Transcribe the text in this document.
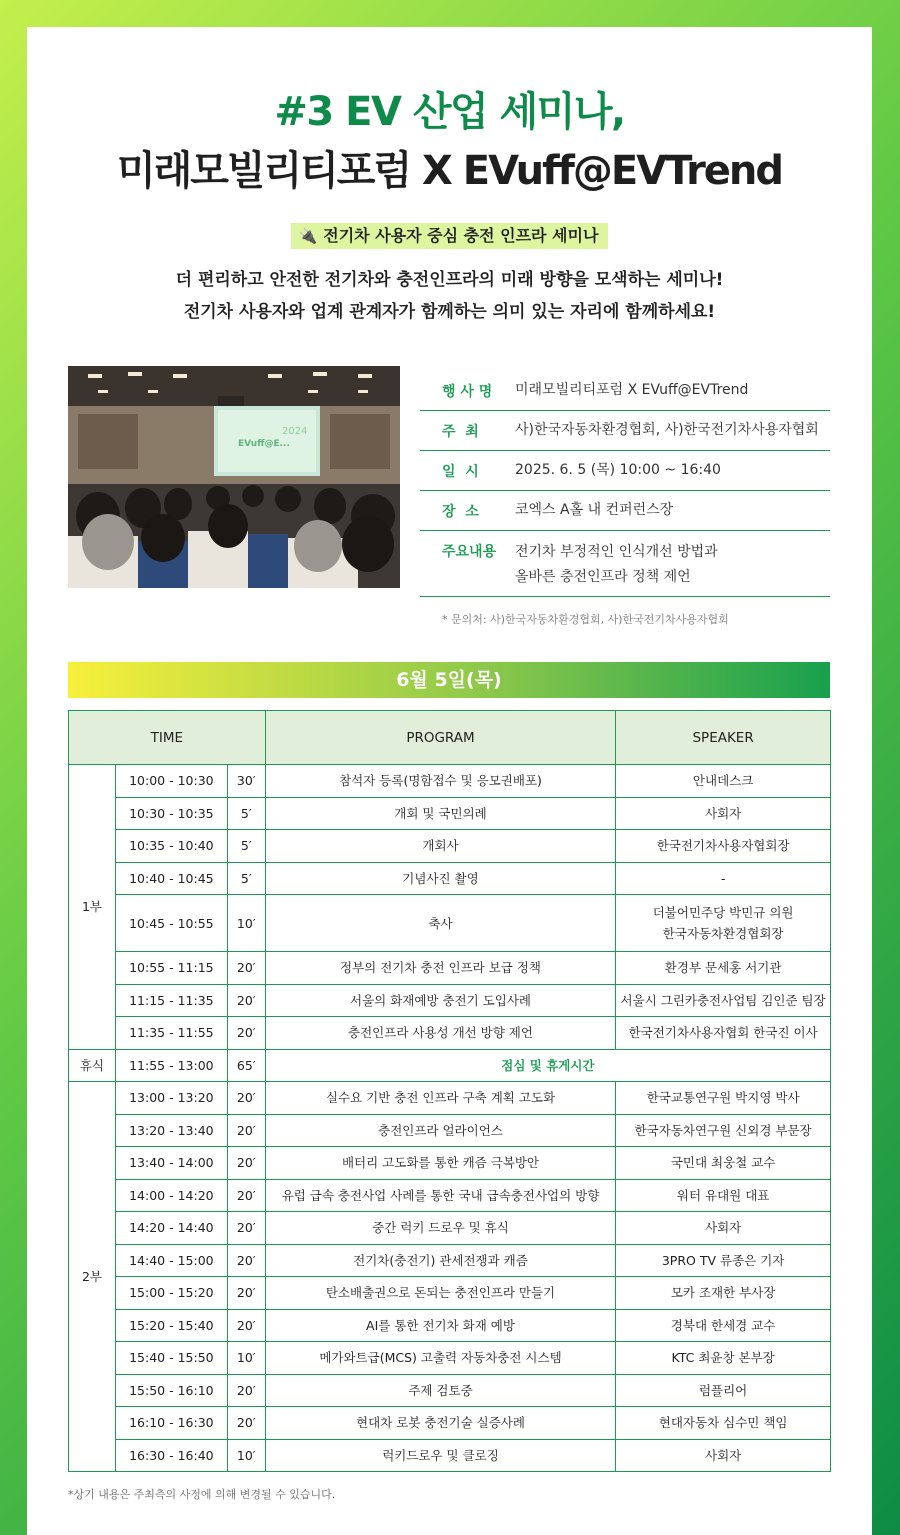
#3 EV 산업 세미나,
미래모빌리티포럼 X EVuff@EVTrend
🔌 전기차 사용자 중심 충전 인프라 세미나
더 편리하고 안전한 전기차와 충전인프라의 미래 방향을 모색하는 세미나!
전기차 사용자와 업계 관계자가 함께하는 의미 있는 자리에 함께하세요!
2024
EVuff@E...
행 사 명	미래모빌리티포럼 X EVuff@EVTrend
주  최	사)한국자동차환경협회, 사)한국전기차사용자협회
일  시	2025. 6. 5 (목) 10:00 ~ 16:40
장  소	코엑스 A홀 내 컨퍼런스장
주요내용	전기차 부정적인 인식개선 방법과
올바른 충전인프라 정책 제언
* 문의처: 사)한국자동차환경협회, 사)한국전기차사용자협회
6월 5일(목)
TIME			PROGRAM	SPEAKER
1부	10:00 - 10:30	30′	참석자 등록(명함접수 및 응모권배포)	안내데스크
	10:30 - 10:35	5′	개회 및 국민의례	사회자
	10:35 - 10:40	5′	개회사	한국전기차사용자협회장
	10:40 - 10:45	5′	기념사진 촬영	-
	10:45 - 10:55	10′	축사	더불어민주당 박민규 의원
한국자동차환경협회장

	10:55 - 11:15	20′	정부의 전기차 충전 인프라 보급 정책	환경부 문세홍 서기관
	11:15 - 11:35	20′	서울의 화재예방 충전기 도입사례	서울시 그린카충전사업팀 김인준 팀장
	11:35 - 11:55	20′	충전인프라 사용성 개선 방향 제언	한국전기차사용자협회 한국진 이사
휴식	11:55 - 13:00	65′	점심 및 휴게시간	
2부	13:00 - 13:20	20′	실수요 기반 충전 인프라 구축 계획 고도화	한국교통연구원 박지영 박사
	13:20 - 13:40	20′	충전인프라 얼라이언스	한국자동차연구원 신외경 부문장
	13:40 - 14:00	20′	배터리 고도화를 통한 캐즘 극복방안	국민대 최웅철 교수
	14:00 - 14:20	20′	유럽 급속 충전사업 사례를 통한 국내 급속충전사업의 방향	워터 유대원 대표
	14:20 - 14:40	20′	중간 럭키 드로우 및 휴식	사회자
	14:40 - 15:00	20′	전기차(충전기) 관세전쟁과 캐즘	3PRO TV 류종은 기자
	15:00 - 15:20	20′	탄소배출권으로 돈되는 충전인프라 만들기	모카 조재한 부사장
	15:20 - 15:40	20′	AI를 통한 전기차 화재 예방	경북대 한세경 교수
	15:40 - 15:50	10′	메가와트급(MCS) 고출력 자동차충전 시스템	KTC 최윤창 본부장
	15:50 - 16:10	20′	주제 검토중	럼플리어
	16:10 - 16:30	20′	현대차 로봇 충전기술 실증사례	현대자동차 심수민 책임
	16:30 - 16:40	10′	럭키드로우 및 클로징	사회자
*상기 내용은 주최측의 사정에 의해 변경될 수 있습니다.
